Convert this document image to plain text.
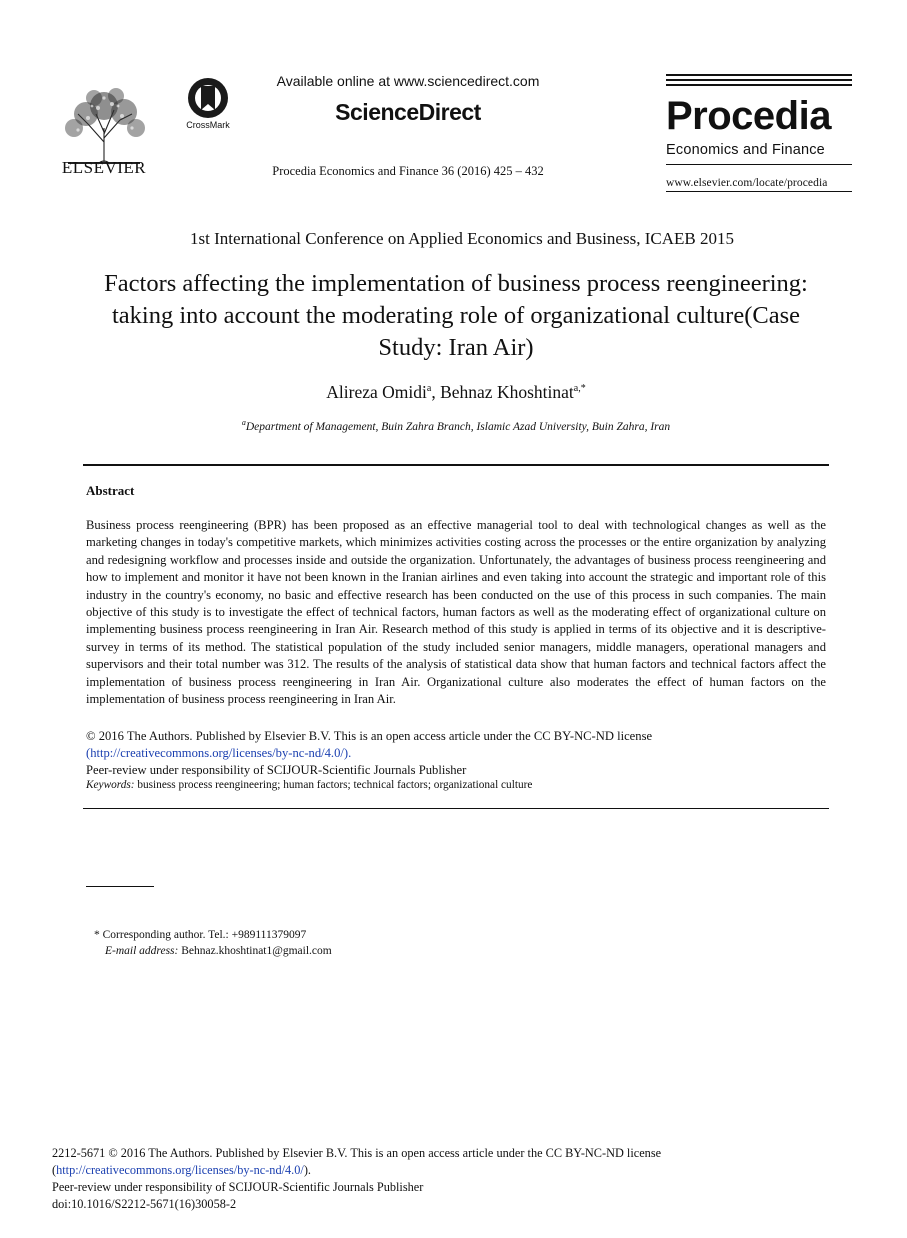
ELSEVIER
CrossMark
Available online at www.sciencedirect.com
ScienceDirect
Procedia Economics and Finance 36 (2016) 425 – 432
Procedia
Economics and Finance
www.elsevier.com/locate/procedia
1st International Conference on Applied Economics and Business, ICAEB 2015
Factors affecting the implementation of business process reengineering: taking into account the moderating role of organizational culture(Case Study: Iran Air)
Alireza Omidi$^a$, Behnaz Khoshtinat$^{a,*}$
$^a$Department of Management, Buin Zahra Branch, Islamic Azad University, Buin Zahra, Iran
Abstract
Business process reengineering (BPR) has been proposed as an effective managerial tool to deal with technological changes as well as the marketing changes in today's competitive markets, which minimizes activities costing across the processes or the entire organization by analyzing and redesigning workflow and processes inside and outside the organization. Unfortunately, the advantages of business process reengineering and how to implement and monitor it have not been known in the Iranian airlines and even taking into account the strategic and important role of this industry in the country's economy, no basic and effective research has been conducted on the use of this process in such companies. The main objective of this study is to investigate the effect of technical factors, human factors as well as the moderating effect of organizational culture on implementing business process reengineering in Iran Air. Research method of this study is applied in terms of its objective and it is descriptive-survey in terms of its method. The statistical population of the study included senior managers, middle managers, operational managers and supervisors and their total number was 312. The results of the analysis of statistical data show that human factors and technical factors affect the implementation of business process reengineering in Iran Air. Organizational culture also moderates the effect of human factors on the implementation of business process reengineering in Iran Air.
© 2016 The Authors. Published by Elsevier B.V. This is an open access article under the CC BY-NC-ND license
(http://creativecommons.org/licenses/by-nc-nd/4.0/).
Peer-review under responsibility of SCIJOUR-Scientific Journals Publisher
Keywords: business process reengineering; human factors; technical factors; organizational culture
* Corresponding author. Tel.: +989111379097
E-mail address: Behnaz.khoshtinat1@gmail.com
2212-5671 © 2016 The Authors. Published by Elsevier B.V. This is an open access article under the CC BY-NC-ND license
(http://creativecommons.org/licenses/by-nc-nd/4.0/).
Peer-review under responsibility of SCIJOUR-Scientific Journals Publisher
doi:10.1016/S2212-5671(16)30058-2
